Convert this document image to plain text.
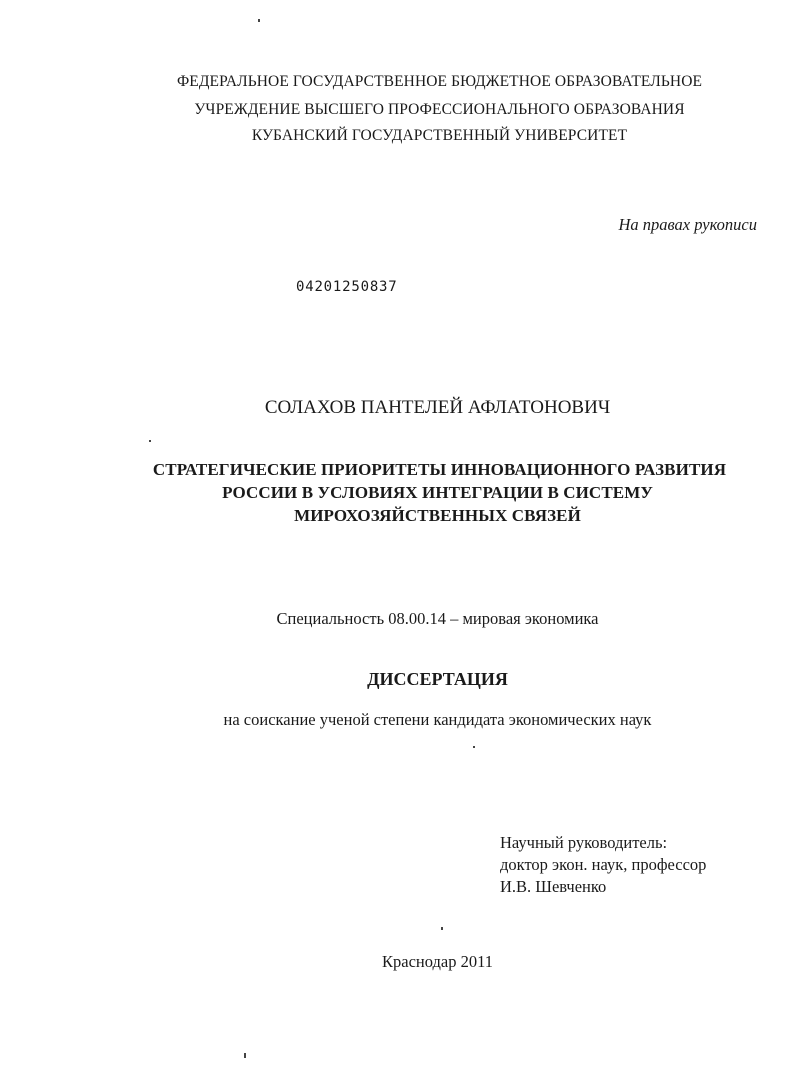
ФЕДЕРАЛЬНОЕ ГОСУДАРСТВЕННОЕ БЮДЖЕТНОЕ ОБРАЗОВАТЕЛЬНОЕ
УЧРЕЖДЕНИЕ ВЫСШЕГО ПРОФЕССИОНАЛЬНОГО ОБРАЗОВАНИЯ
КУБАНСКИЙ ГОСУДАРСТВЕННЫЙ УНИВЕРСИТЕТ
На правах рукописи
04201250837
СОЛАХОВ ПАНТЕЛЕЙ АФЛАТОНОВИЧ
СТРАТЕГИЧЕСКИЕ ПРИОРИТЕТЫ ИННОВАЦИОННОГО РАЗВИТИЯ
РОССИИ В УСЛОВИЯХ ИНТЕГРАЦИИ В СИСТЕМУ
МИРОХОЗЯЙСТВЕННЫХ СВЯЗЕЙ
Специальность 08.00.14 – мировая экономика
ДИССЕРТАЦИЯ
на соискание ученой степени кандидата экономических наук
Научный руководитель:
доктор экон. наук, профессор
И.В. Шевченко
Краснодар 2011
